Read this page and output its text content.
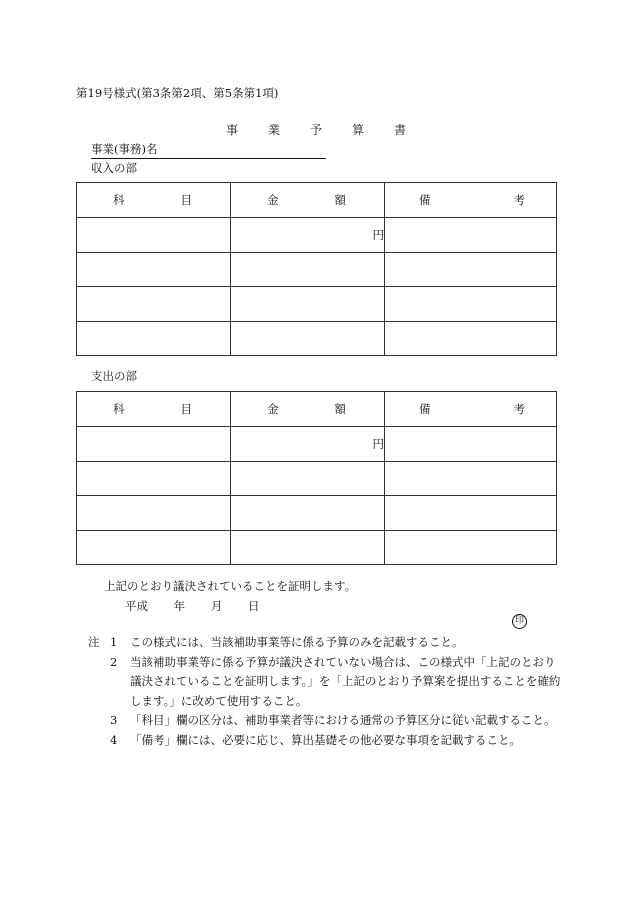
第19号様式(第3条第2項、第5条第1項)
事 業 予 算 書
事業(事務)名
収入の部
科 目	金 額	備 考

	円	

支出の部
科 目	金 額	備 考

	円	

上記のとおり議決されていることを証明します。
平成 年 月 日
印
注 1	この様式には、当該補助事業等に係る予算のみを記載すること。
2	当該補助事業等に係る予算が議決されていない場合は、この様式中「上記のとおり議決されていることを証明します。」を「上記のとおり予算案を提出することを確約します。」に改めて使用すること。
3	「科目」欄の区分は、補助事業者等における通常の予算区分に従い記載すること。
4	「備考」欄には、必要に応じ、算出基礎その他必要な事項を記載すること。
